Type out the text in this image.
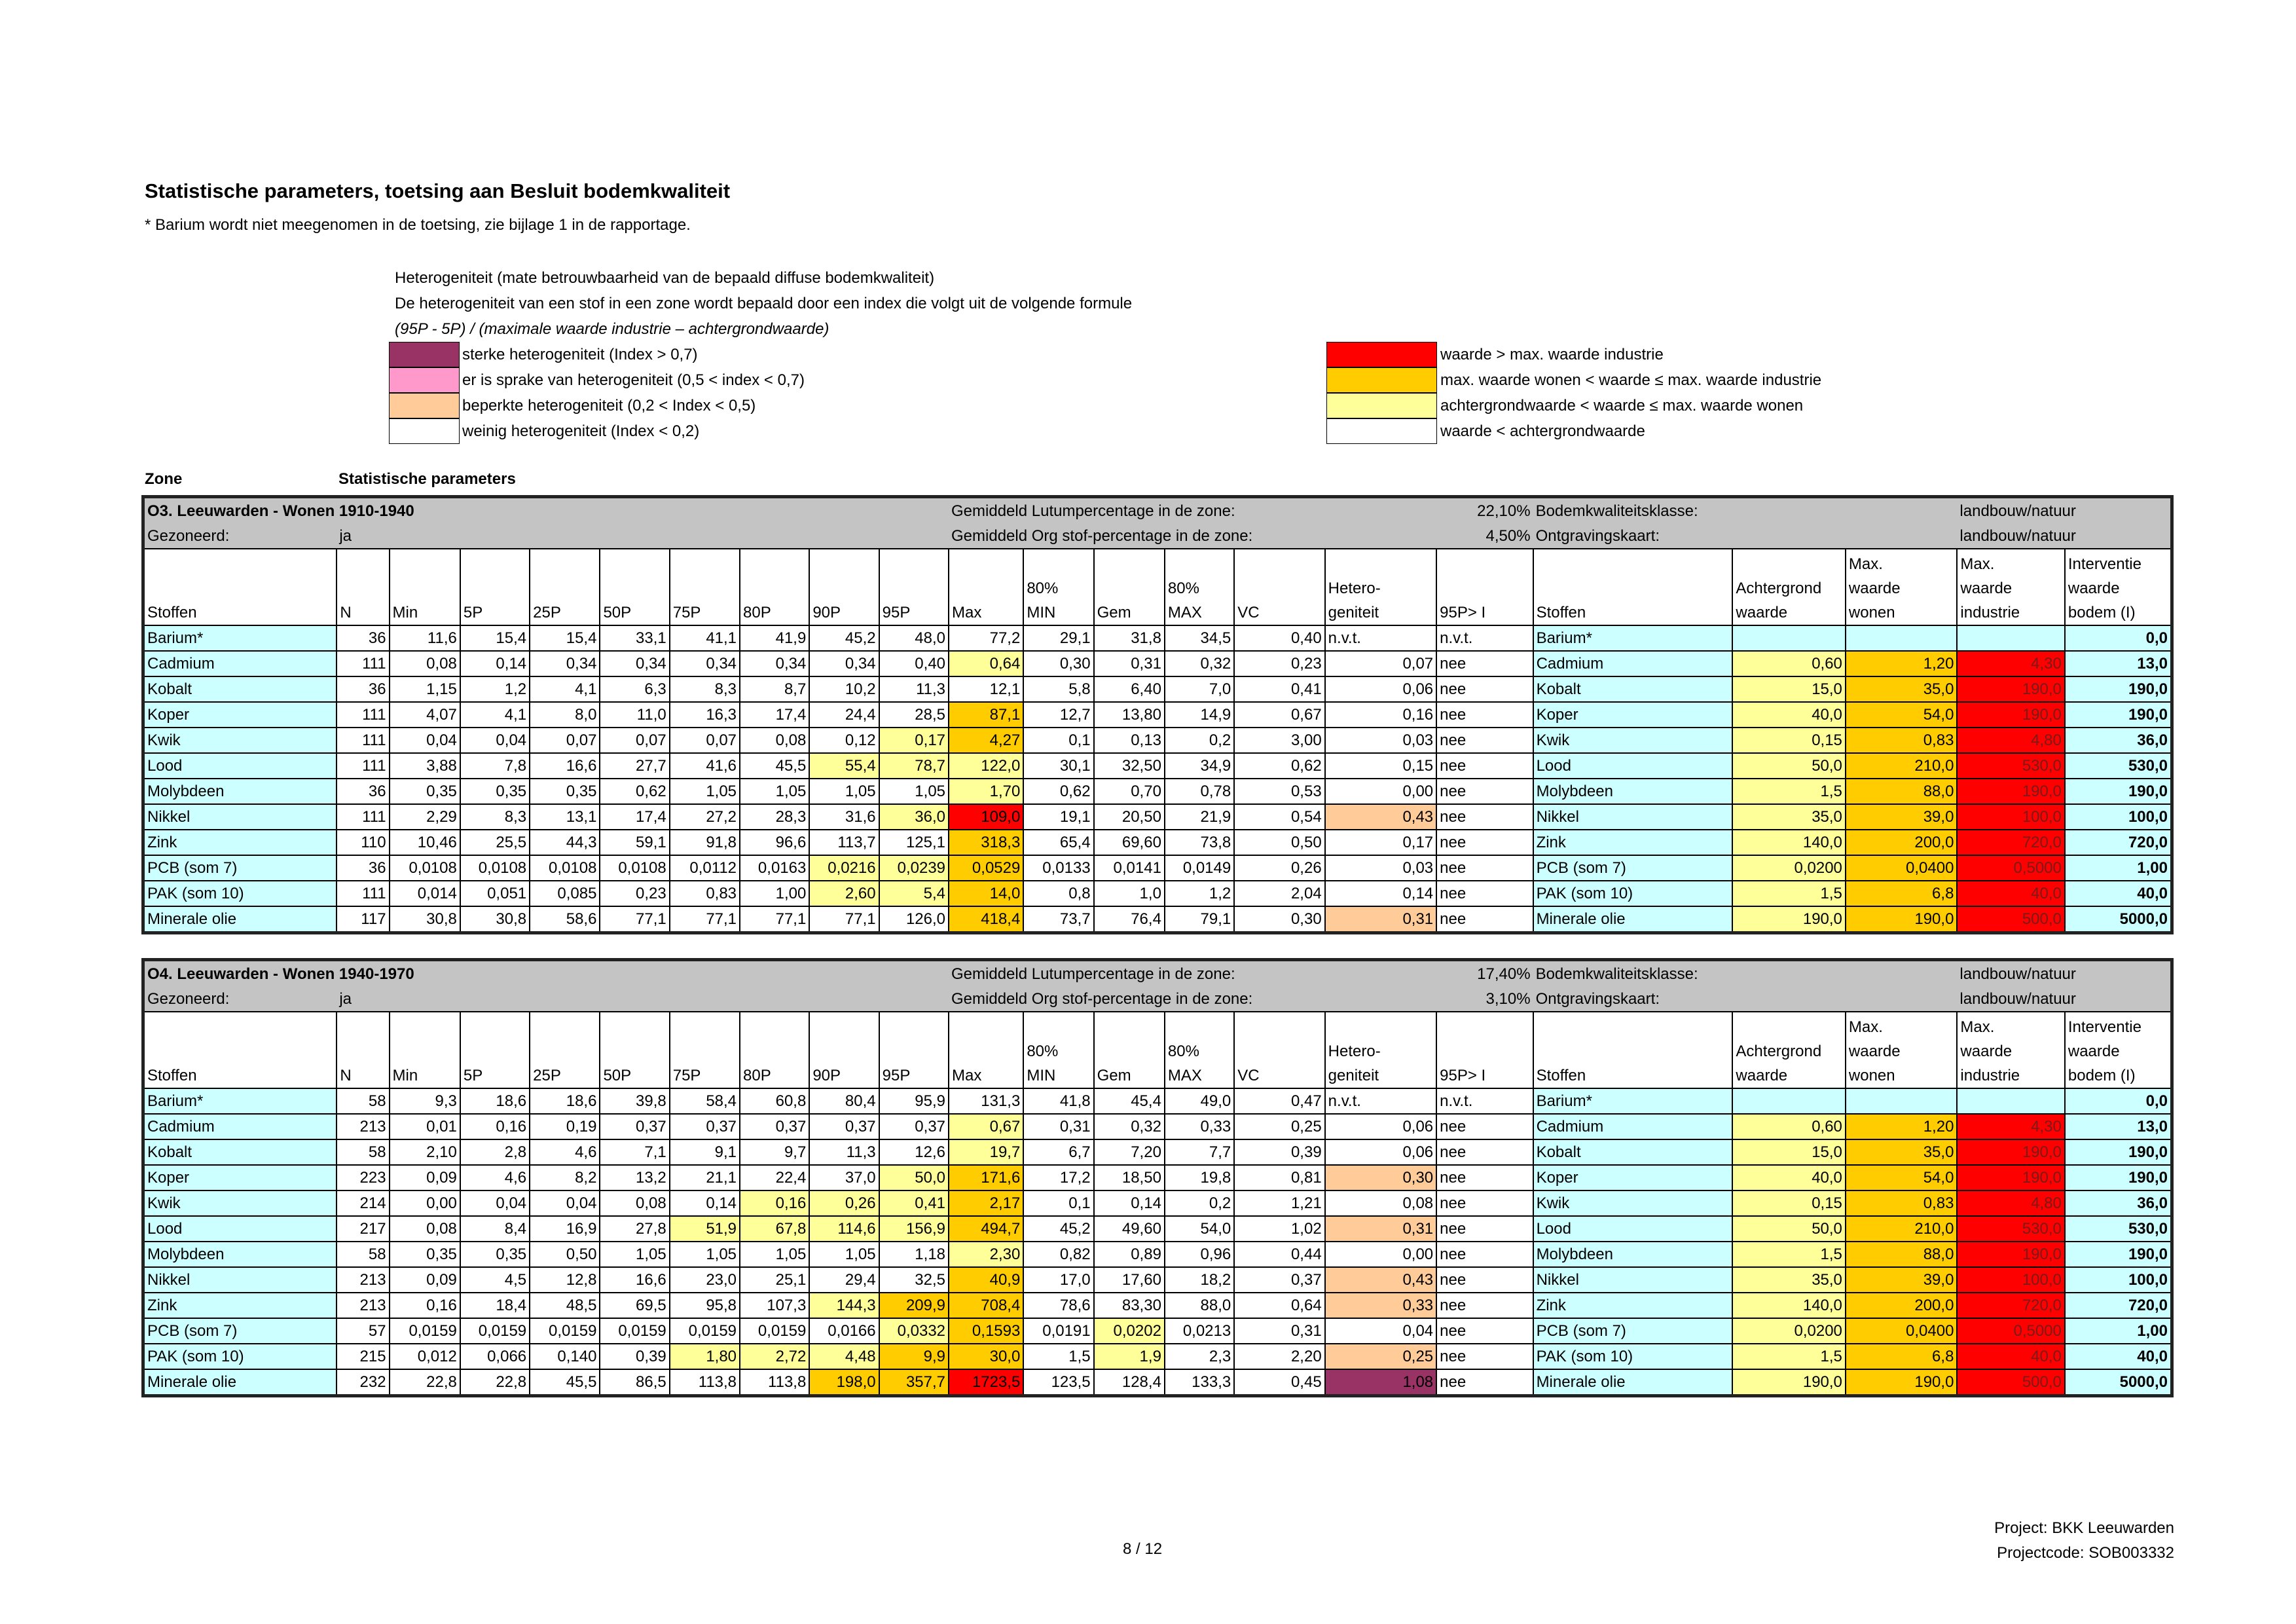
Statistische parameters, toetsing aan Besluit bodemkwaliteit
* Barium wordt niet meegenomen in de toetsing, zie bijlage 1 in de rapportage.
Heterogeniteit (mate betrouwbaarheid van de bepaald diffuse bodemkwaliteit)
De heterogeniteit van een stof in een zone wordt bepaald door een index die volgt uit de volgende formule
(95P - 5P) / (maximale waarde industrie – achtergrondwaarde)
sterke heterogeniteit (Index > 0,7)
er is sprake van heterogeniteit (0,5 < index < 0,7)
beperkte heterogeniteit (0,2 < Index < 0,5)
weinig heterogeniteit (Index < 0,2)
waarde > max. waarde industrie
max. waarde wonen < waarde ≤ max. waarde industrie
achtergrondwaarde < waarde ≤ max. waarde wonen
waarde < achtergrondwaarde
Zone	Statistische parameters
O3. Leeuwarden - Wonen 1910-1940										Gemiddeld Lutumpercentage in de zone:					22,10%		Bodemkwaliteitsklasse:			landbouw/natuur	
Gezoneerd:	ja									Gemiddeld Org stof-percentage in de zone:					4,50%		Ontgravingskaart:			landbouw/natuur	
Stoffen	N	Min	5P	25P	50P	75P	80P	90P	95P	Max	80%
MIN	Gem	80%
MAX	VC	Hetero-
geniteit	95P> I	Stoffen	Achtergrond
waarde	Max.
waarde
wonen	Max.
waarde
industrie	Interventie
waarde
bodem (I)
Barium*	36	11,6	15,4	15,4	33,1	41,1	41,9	45,2	48,0	77,2	29,1	31,8	34,5	0,40	n.v.t.	n.v.t.	Barium*				0,0
Cadmium	111	0,08	0,14	0,34	0,34	0,34	0,34	0,34	0,40	0,64	0,30	0,31	0,32	0,23	0,07	nee	Cadmium	0,60	1,20	4,30	13,0
Kobalt	36	1,15	1,2	4,1	6,3	8,3	8,7	10,2	11,3	12,1	5,8	6,40	7,0	0,41	0,06	nee	Kobalt	15,0	35,0	190,0	190,0
Koper	111	4,07	4,1	8,0	11,0	16,3	17,4	24,4	28,5	87,1	12,7	13,80	14,9	0,67	0,16	nee	Koper	40,0	54,0	190,0	190,0
Kwik	111	0,04	0,04	0,07	0,07	0,07	0,08	0,12	0,17	4,27	0,1	0,13	0,2	3,00	0,03	nee	Kwik	0,15	0,83	4,80	36,0
Lood	111	3,88	7,8	16,6	27,7	41,6	45,5	55,4	78,7	122,0	30,1	32,50	34,9	0,62	0,15	nee	Lood	50,0	210,0	530,0	530,0
Molybdeen	36	0,35	0,35	0,35	0,62	1,05	1,05	1,05	1,05	1,70	0,62	0,70	0,78	0,53	0,00	nee	Molybdeen	1,5	88,0	190,0	190,0
Nikkel	111	2,29	8,3	13,1	17,4	27,2	28,3	31,6	36,0	109,0	19,1	20,50	21,9	0,54	0,43	nee	Nikkel	35,0	39,0	100,0	100,0
Zink	110	10,46	25,5	44,3	59,1	91,8	96,6	113,7	125,1	318,3	65,4	69,60	73,8	0,50	0,17	nee	Zink	140,0	200,0	720,0	720,0
PCB (som 7)	36	0,0108	0,0108	0,0108	0,0108	0,0112	0,0163	0,0216	0,0239	0,0529	0,0133	0,0141	0,0149	0,26	0,03	nee	PCB (som 7)	0,0200	0,0400	0,5000	1,00
PAK (som 10)	111	0,014	0,051	0,085	0,23	0,83	1,00	2,60	5,4	14,0	0,8	1,0	1,2	2,04	0,14	nee	PAK (som 10)	1,5	6,8	40,0	40,0
Minerale olie	117	30,8	30,8	58,6	77,1	77,1	77,1	77,1	126,0	418,4	73,7	76,4	79,1	0,30	0,31	nee	Minerale olie	190,0	190,0	500,0	5000,0
O4. Leeuwarden - Wonen 1940-1970										Gemiddeld Lutumpercentage in de zone:					17,40%		Bodemkwaliteitsklasse:			landbouw/natuur	
Gezoneerd:	ja									Gemiddeld Org stof-percentage in de zone:					3,10%		Ontgravingskaart:			landbouw/natuur	
Stoffen	N	Min	5P	25P	50P	75P	80P	90P	95P	Max	80%
MIN	Gem	80%
MAX	VC	Hetero-
geniteit	95P> I	Stoffen	Achtergrond
waarde	Max.
waarde
wonen	Max.
waarde
industrie	Interventie
waarde
bodem (I)
Barium*	58	9,3	18,6	18,6	39,8	58,4	60,8	80,4	95,9	131,3	41,8	45,4	49,0	0,47	n.v.t.	n.v.t.	Barium*				0,0
Cadmium	213	0,01	0,16	0,19	0,37	0,37	0,37	0,37	0,37	0,67	0,31	0,32	0,33	0,25	0,06	nee	Cadmium	0,60	1,20	4,30	13,0
Kobalt	58	2,10	2,8	4,6	7,1	9,1	9,7	11,3	12,6	19,7	6,7	7,20	7,7	0,39	0,06	nee	Kobalt	15,0	35,0	190,0	190,0
Koper	223	0,09	4,6	8,2	13,2	21,1	22,4	37,0	50,0	171,6	17,2	18,50	19,8	0,81	0,30	nee	Koper	40,0	54,0	190,0	190,0
Kwik	214	0,00	0,04	0,04	0,08	0,14	0,16	0,26	0,41	2,17	0,1	0,14	0,2	1,21	0,08	nee	Kwik	0,15	0,83	4,80	36,0
Lood	217	0,08	8,4	16,9	27,8	51,9	67,8	114,6	156,9	494,7	45,2	49,60	54,0	1,02	0,31	nee	Lood	50,0	210,0	530,0	530,0
Molybdeen	58	0,35	0,35	0,50	1,05	1,05	1,05	1,05	1,18	2,30	0,82	0,89	0,96	0,44	0,00	nee	Molybdeen	1,5	88,0	190,0	190,0
Nikkel	213	0,09	4,5	12,8	16,6	23,0	25,1	29,4	32,5	40,9	17,0	17,60	18,2	0,37	0,43	nee	Nikkel	35,0	39,0	100,0	100,0
Zink	213	0,16	18,4	48,5	69,5	95,8	107,3	144,3	209,9	708,4	78,6	83,30	88,0	0,64	0,33	nee	Zink	140,0	200,0	720,0	720,0
PCB (som 7)	57	0,0159	0,0159	0,0159	0,0159	0,0159	0,0159	0,0166	0,0332	0,1593	0,0191	0,0202	0,0213	0,31	0,04	nee	PCB (som 7)	0,0200	0,0400	0,5000	1,00
PAK (som 10)	215	0,012	0,066	0,140	0,39	1,80	2,72	4,48	9,9	30,0	1,5	1,9	2,3	2,20	0,25	nee	PAK (som 10)	1,5	6,8	40,0	40,0
Minerale olie	232	22,8	22,8	45,5	86,5	113,8	113,8	198,0	357,7	1723,5	123,5	128,4	133,3	0,45	1,08	nee	Minerale olie	190,0	190,0	500,0	5000,0
8 / 12
Project: BKK Leeuwarden
Projectcode: SOB003332
